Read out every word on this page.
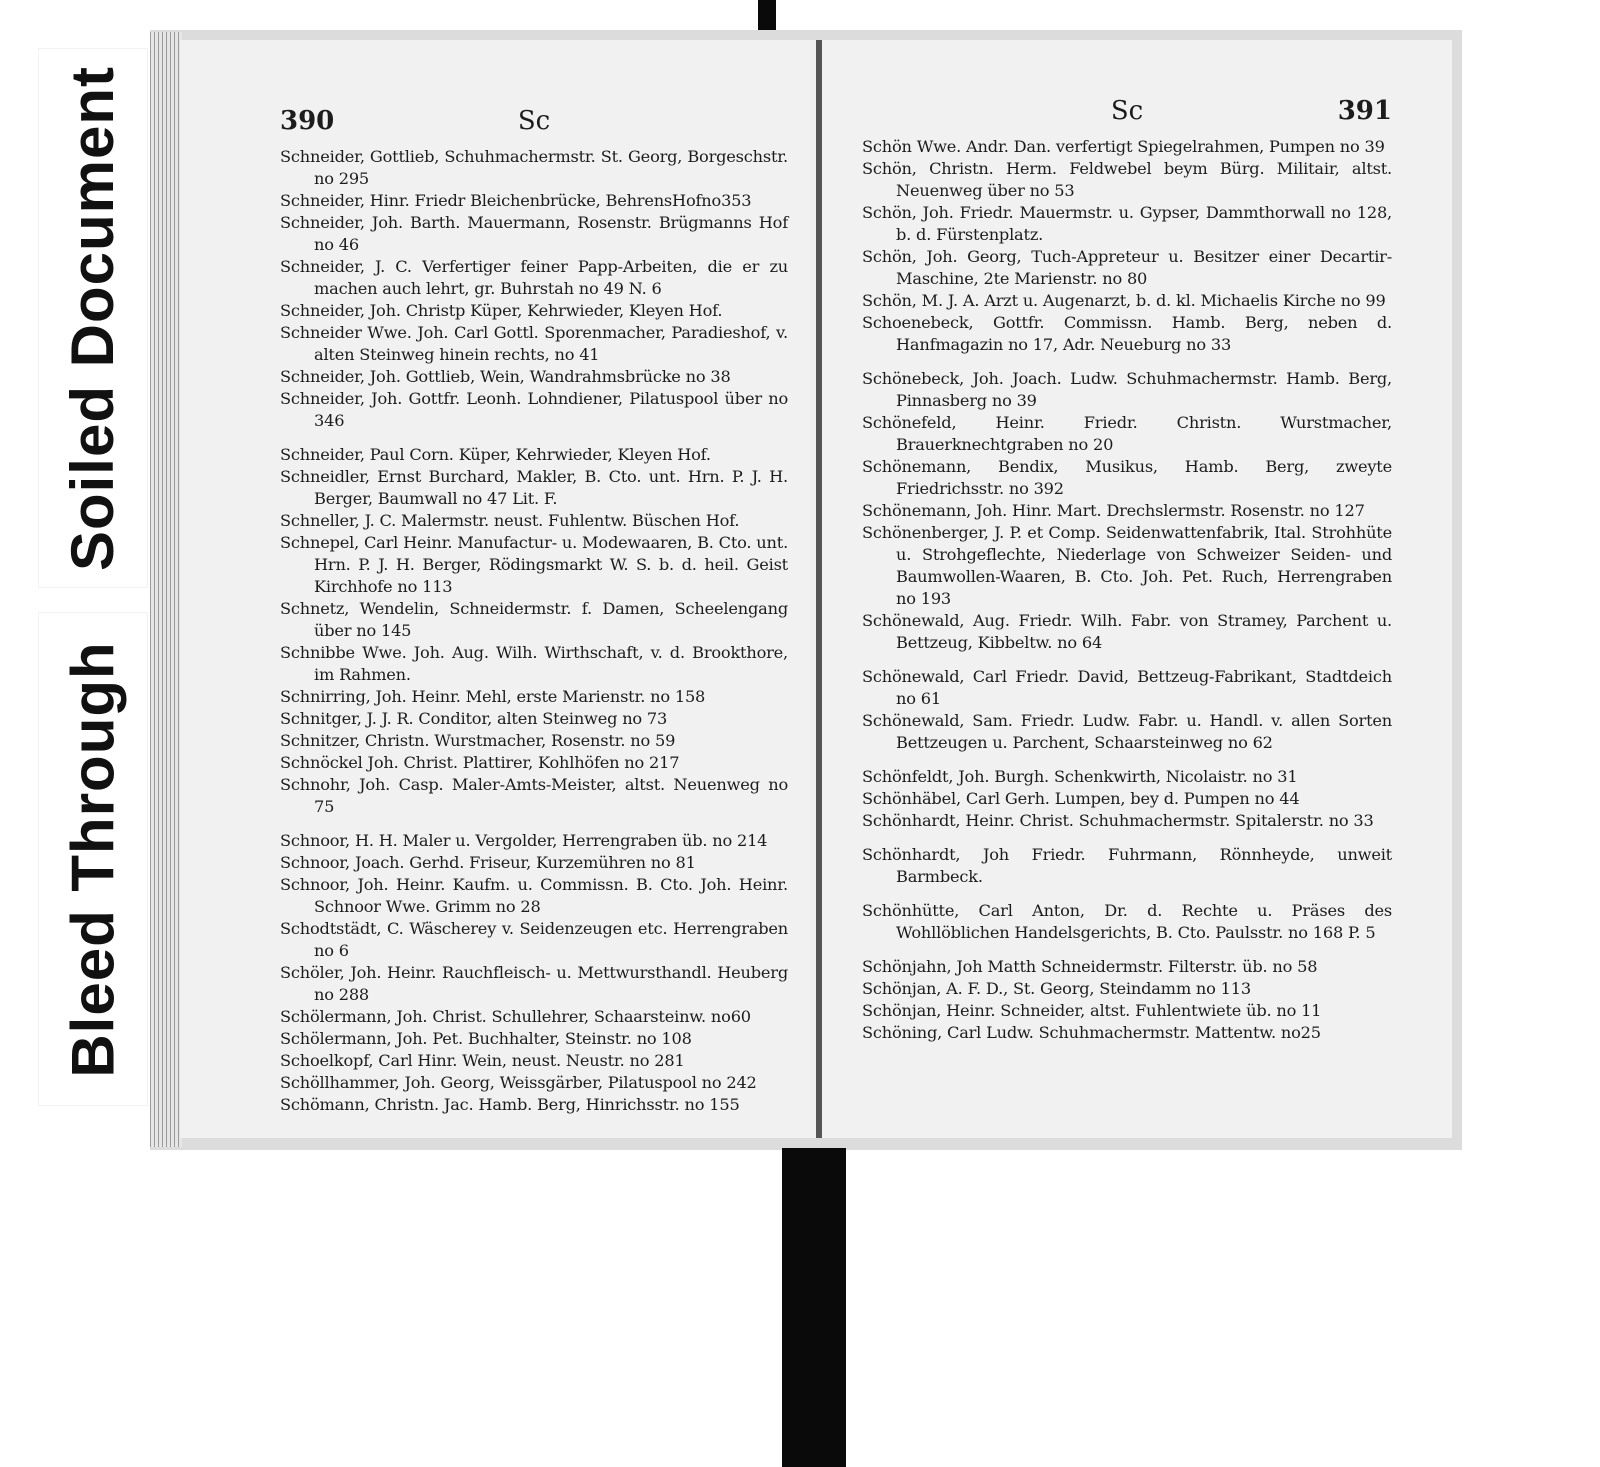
Soiled Document
Bleed Through
390	Sc

Schneider, Gottlieb, Schuhmachermstr. St. Georg, Borgeschstr. no 295

Schneider, Hinr. Friedr Bleichenbrücke, BehrensHofno353

Schneider, Joh. Barth. Mauermann, Rosenstr. Brügmanns Hof no 46

Schneider, J. C. Verfertiger feiner Papp-Arbeiten, die er zu machen auch lehrt, gr. Buhrstah no 49 N. 6

Schneider, Joh. Christp Küper, Kehrwieder, Kleyen Hof.

Schneider Wwe. Joh. Carl Gottl. Sporenmacher, Paradieshof, v. alten Steinweg hinein rechts, no 41

Schneider, Joh. Gottlieb, Wein, Wandrahmsbrücke no 38

Schneider, Joh. Gottfr. Leonh. Lohndiener, Pilatuspool über no 346

Schneider, Paul Corn. Küper, Kehrwieder, Kleyen Hof.

Schneidler, Ernst Burchard, Makler, B. Cto. unt. Hrn. P. J. H. Berger, Baumwall no 47 Lit. F.

Schneller, J. C. Malermstr. neust. Fuhlentw. Büschen Hof.

Schnepel, Carl Heinr. Manufactur- u. Modewaaren, B. Cto. unt. Hrn. P. J. H. Berger, Rödingsmarkt W. S. b. d. heil. Geist Kirchhofe no 113

Schnetz, Wendelin, Schneidermstr. f. Damen, Scheelengang über no 145

Schnibbe Wwe. Joh. Aug. Wilh. Wirthschaft, v. d. Brookthore, im Rahmen.

Schnirring, Joh. Heinr. Mehl, erste Marienstr. no 158

Schnitger, J. J. R. Conditor, alten Steinweg no 73

Schnitzer, Christn. Wurstmacher, Rosenstr. no 59

Schnöckel Joh. Christ. Plattirer, Kohlhöfen no 217

Schnohr, Joh. Casp. Maler-Amts-Meister, altst. Neuenweg no 75

Schnoor, H. H. Maler u. Vergolder, Herrengraben üb. no 214

Schnoor, Joach. Gerhd. Friseur, Kurzemühren no 81

Schnoor, Joh. Heinr. Kaufm. u. Commissn. B. Cto. Joh. Heinr. Schnoor Wwe. Grimm no 28

Schodtstädt, C. Wäscherey v. Seidenzeugen etc. Herrengraben no 6

Schöler, Joh. Heinr. Rauchfleisch- u. Mettwursthandl. Heuberg no 288

Schölermann, Joh. Christ. Schullehrer, Schaarsteinw. no60

Schölermann, Joh. Pet. Buchhalter, Steinstr. no 108

Schoelkopf, Carl Hinr. Wein, neust. Neustr. no 281

Schöllhammer, Joh. Georg, Weissgärber, Pilatuspool no 242

Schömann, Christn. Jac. Hamb. Berg, Hinrichsstr. no 155

Sc	391

Schön Wwe. Andr. Dan. verfertigt Spiegelrahmen, Pumpen no 39

Schön, Christn. Herm. Feldwebel beym Bürg. Militair, altst. Neuenweg über no 53

Schön, Joh. Friedr. Mauermstr. u. Gypser, Dammthorwall no 128, b. d. Fürstenplatz.

Schön, Joh. Georg, Tuch-Appreteur u. Besitzer einer Decartir-Maschine, 2te Marienstr. no 80

Schön, M. J. A. Arzt u. Augenarzt, b. d. kl. Michaelis Kirche no 99

Schoenebeck, Gottfr. Commissn. Hamb. Berg, neben d. Hanfmagazin no 17, Adr. Neueburg no 33

Schönebeck, Joh. Joach. Ludw. Schuhmachermstr. Hamb. Berg, Pinnasberg no 39

Schönefeld, Heinr. Friedr. Christn. Wurstmacher, Brauerknechtgraben no 20

Schönemann, Bendix, Musikus, Hamb. Berg, zweyte Friedrichsstr. no 392

Schönemann, Joh. Hinr. Mart. Drechslermstr. Rosenstr. no 127

Schönenberger, J. P. et Comp. Seidenwattenfabrik, Ital. Strohhüte u. Strohgeflechte, Niederlage von Schweizer Seiden- und Baumwollen-Waaren, B. Cto. Joh. Pet. Ruch, Herrengraben no 193

Schönewald, Aug. Friedr. Wilh. Fabr. von Stramey, Parchent u. Bettzeug, Kibbeltw. no 64

Schönewald, Carl Friedr. David, Bettzeug-Fabrikant, Stadtdeich no 61

Schönewald, Sam. Friedr. Ludw. Fabr. u. Handl. v. allen Sorten Bettzeugen u. Parchent, Schaarsteinweg no 62

Schönfeldt, Joh. Burgh. Schenkwirth, Nicolaistr. no 31

Schönhäbel, Carl Gerh. Lumpen, bey d. Pumpen no 44

Schönhardt, Heinr. Christ. Schuhmachermstr. Spitalerstr. no 33

Schönhardt, Joh Friedr. Fuhrmann, Rönnheyde, unweit Barmbeck.

Schönhütte, Carl Anton, Dr. d. Rechte u. Präses des Wohllöblichen Handelsgerichts, B. Cto. Paulsstr. no 168 P. 5

Schönjahn, Joh Matth Schneidermstr. Filterstr. üb. no 58

Schönjan, A. F. D., St. Georg, Steindamm no 113

Schönjan, Heinr. Schneider, altst. Fuhlentwiete üb. no 11

Schöning, Carl Ludw. Schuhmachermstr. Mattentw. no25
